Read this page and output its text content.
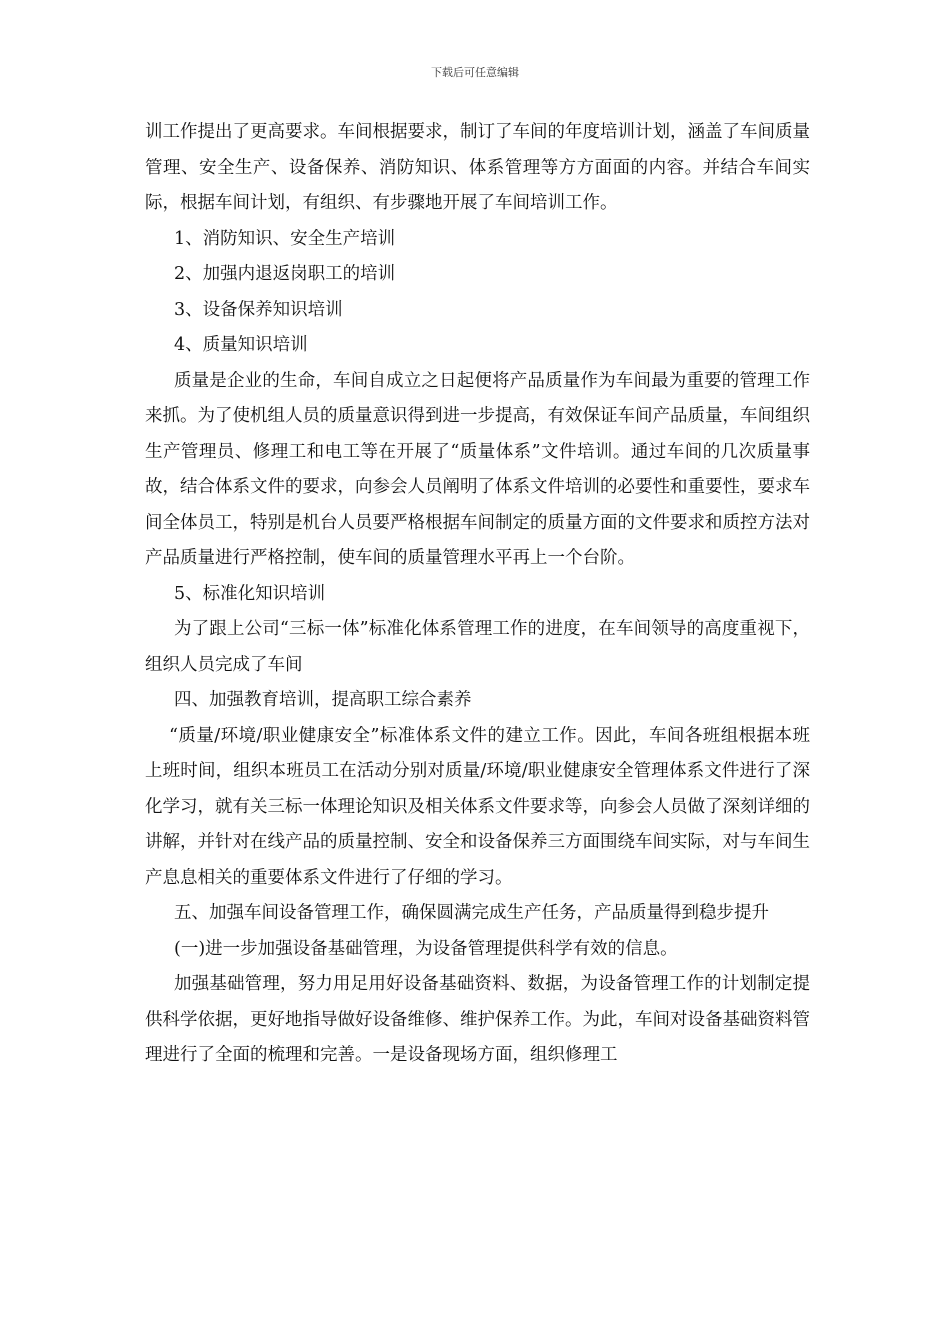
下载后可任意编辑

训工作提出了更高要求。车间根据要求，制订了车间的年度培训计划，涵盖了车间质量管理、安全生产、设备保养、消防知识、体系管理等方方面面的内容。并结合车间实际，根据车间计划，有组织、有步骤地开展了车间培训工作。

1、消防知识、安全生产培训

2、加强内退返岗职工的培训

3、设备保养知识培训

4、质量知识培训

质量是企业的生命，车间自成立之日起便将产品质量作为车间最为重要的管理工作来抓。为了使机组人员的质量意识得到进一步提高，有效保证车间产品质量，车间组织生产管理员、修理工和电工等在开展了“质量体系”文件培训。通过车间的几次质量事故，结合体系文件的要求，向参会人员阐明了体系文件培训的必要性和重要性，要求车间全体员工，特别是机台人员要严格根据车间制定的质量方面的文件要求和质控方法对产品质量进行严格控制，使车间的质量管理水平再上一个台阶。

5、标准化知识培训

为了跟上公司“三标一体”标准化体系管理工作的进度，在车间领导的高度重视下，组织人员完成了车间

四、加强教育培训，提高职工综合素养

“质量/环境/职业健康安全”标准体系文件的建立工作。因此，车间各班组根据本班上班时间，组织本班员工在活动分别对质量/环境/职业健康安全管理体系文件进行了深化学习，就有关三标一体理论知识及相关体系文件要求等，向参会人员做了深刻详细的讲解，并针对在线产品的质量控制、安全和设备保养三方面围绕车间实际，对与车间生产息息相关的重要体系文件进行了仔细的学习。

五、加强车间设备管理工作，确保圆满完成生产任务，产品质量得到稳步提升

(一)进一步加强设备基础管理，为设备管理提供科学有效的信息。

加强基础管理，努力用足用好设备基础资料、数据，为设备管理工作的计划制定提供科学依据，更好地指导做好设备维修、维护保养工作。为此，车间对设备基础资料管理进行了全面的梳理和完善。一是设备现场方面，组织修理工
